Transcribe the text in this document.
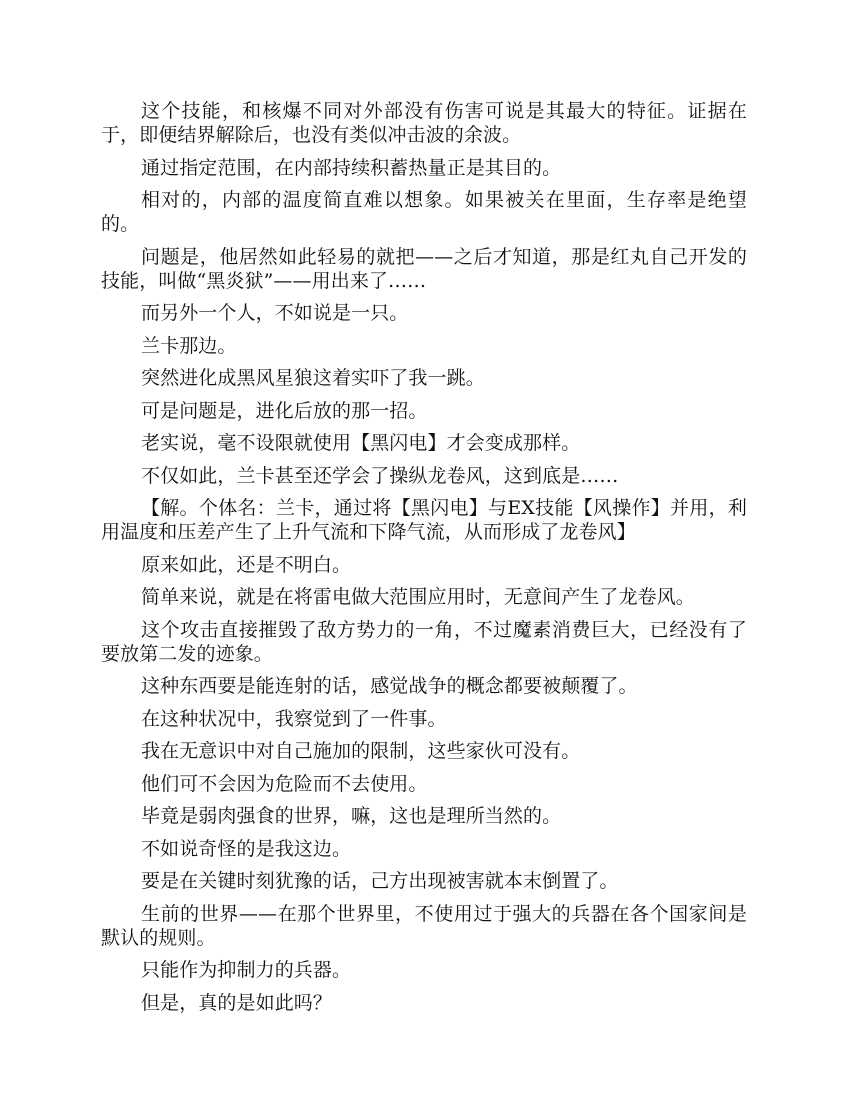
这个技能，和核爆不同对外部没有伤害可说是其最大的特征。证据在于，即便结界解除后，也没有类似冲击波的余波。

通过指定范围，在内部持续积蓄热量正是其目的。

相对的，内部的温度简直难以想象。如果被关在里面，生存率是绝望的。

问题是，他居然如此轻易的就把——之后才知道，那是红丸自己开发的技能，叫做“黑炎狱”——用出来了……

而另外一个人，不如说是一只。

兰卡那边。

突然进化成黑风星狼这着实吓了我一跳。

可是问题是，进化后放的那一招。

老实说，毫不设限就使用【黑闪电】才会变成那样。

不仅如此，兰卡甚至还学会了操纵龙卷风，这到底是……

【解。个体名：兰卡，通过将【黑闪电】与EX技能【风操作】并用，利用温度和压差产生了上升气流和下降气流，从而形成了龙卷风】

原来如此，还是不明白。

简单来说，就是在将雷电做大范围应用时，无意间产生了龙卷风。

这个攻击直接摧毁了敌方势力的一角，不过魔素消费巨大，已经没有了要放第二发的迹象。

这种东西要是能连射的话，感觉战争的概念都要被颠覆了。

在这种状况中，我察觉到了一件事。

我在无意识中对自己施加的限制，这些家伙可没有。

他们可不会因为危险而不去使用。

毕竟是弱肉强食的世界，嘛，这也是理所当然的。

不如说奇怪的是我这边。

要是在关键时刻犹豫的话，己方出现被害就本末倒置了。

生前的世界——在那个世界里，不使用过于强大的兵器在各个国家间是默认的规则。

只能作为抑制力的兵器。

但是，真的是如此吗？
